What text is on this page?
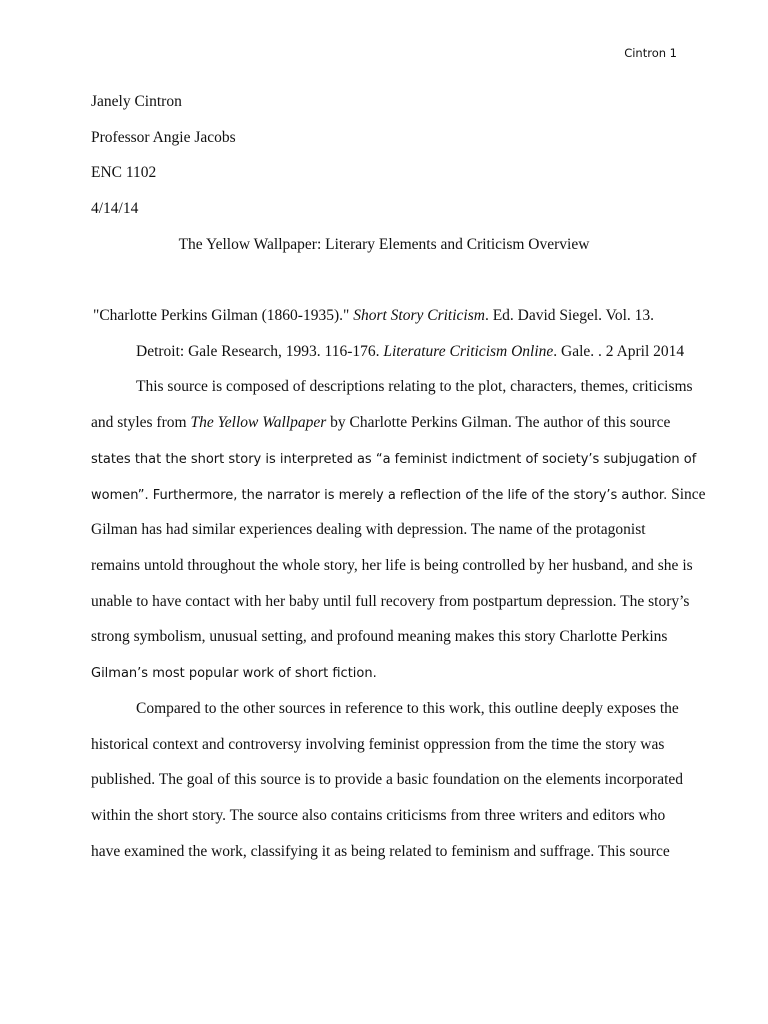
Cintron 1
Janely Cintron
Professor Angie Jacobs
ENC 1102
4/14/14
The Yellow Wallpaper: Literary Elements and Criticism Overview
"Charlotte Perkins Gilman (1860-1935)." Short Story Criticism. Ed. David Siegel. Vol. 13.
Detroit: Gale Research, 1993. 116-176. Literature Criticism Online. Gale. . 2 April 2014
This source is composed of descriptions relating to the plot, characters, themes, criticisms
and styles from The Yellow Wallpaper by Charlotte Perkins Gilman. The author of this source
states that the short story is interpreted as “a feminist indictment of society’s subjugation of
women”. Furthermore, the narrator is merely a reflection of the life of the story’s author. Since
Gilman has had similar experiences dealing with depression. The name of the protagonist
remains untold throughout the whole story, her life is being controlled by her husband, and she is
unable to have contact with her baby until full recovery from postpartum depression. The story’s
strong symbolism, unusual setting, and profound meaning makes this story Charlotte Perkins
Gilman’s most popular work of short fiction.
Compared to the other sources in reference to this work, this outline deeply exposes the
historical context and controversy involving feminist oppression from the time the story was
published. The goal of this source is to provide a basic foundation on the elements incorporated
within the short story. The source also contains criticisms from three writers and editors who
have examined the work, classifying it as being related to feminism and suffrage. This source
